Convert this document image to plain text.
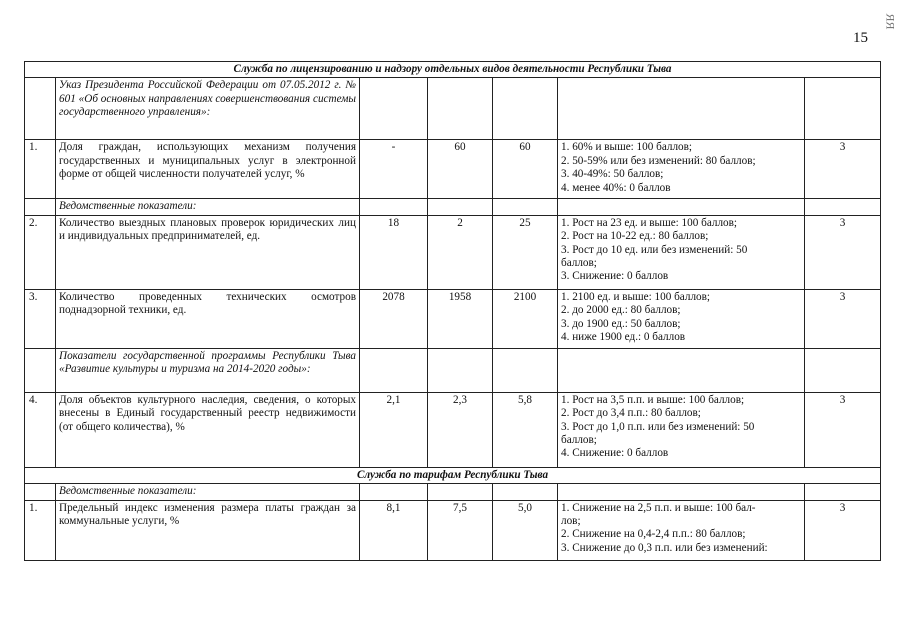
15
ЯЯ
Служба по лицензированию и надзору отдельных видов деятельности Республики Тыва						
	Указ Президента Российской Федерации от 07.05.2012 г. № 601 «Об основных направлениях совершенствования системы государственного управления»:					
1.	Доля граждан, использующих механизм получения государственных и муниципальных услуг в электронной форме от общей численности получателей услуг, %	-	60	60	1. 60% и выше: 100 баллов;
2. 50-59% или без изменений: 80 баллов;
3. 40-49%: 50 баллов;
4. менее 40%: 0 баллов	3
	Ведомственные показатели:					
2.	Количество выездных плановых проверок юридических лиц и индивидуальных предпринимателей, ед.	18	2	25	1. Рост на 23 ед. и выше: 100 баллов;
2. Рост на 10-22 ед.: 80 баллов;
3. Рост до 10 ед. или без изменений: 50
баллов;
3. Снижение: 0 баллов	3
3.	Количество проведенных технических осмотров поднадзорной техники, ед.	2078	1958	2100	1. 2100 ед. и выше: 100 баллов;
2. до 2000 ед.: 80 баллов;
3. до 1900 ед.: 50 баллов;
4. ниже 1900 ед.: 0 баллов	3
	Показатели государственной программы Республики Тыва «Развитие культуры и туризма на 2014-2020 годы»:					
4.	Доля объектов культурного наследия, сведения, о которых внесены в Единый государственный реестр недвижимости (от общего количества), %	2,1	2,3	5,8	1. Рост на 3,5 п.п. и выше: 100 баллов;
2. Рост до 3,4 п.п.: 80 баллов;
3. Рост до 1,0 п.п. или без изменений: 50
баллов;
4. Снижение: 0 баллов	3
Служба по тарифам Республики Тыва						
	Ведомственные показатели:					
1.	Предельный индекс изменения размера платы граждан за коммунальные услуги, %	8,1	7,5	5,0	1. Снижение на 2,5 п.п. и выше: 100 бал-
лов;
2. Снижение на 0,4-2,4 п.п.: 80 баллов;
3. Снижение до 0,3 п.п. или без изменений:	3
